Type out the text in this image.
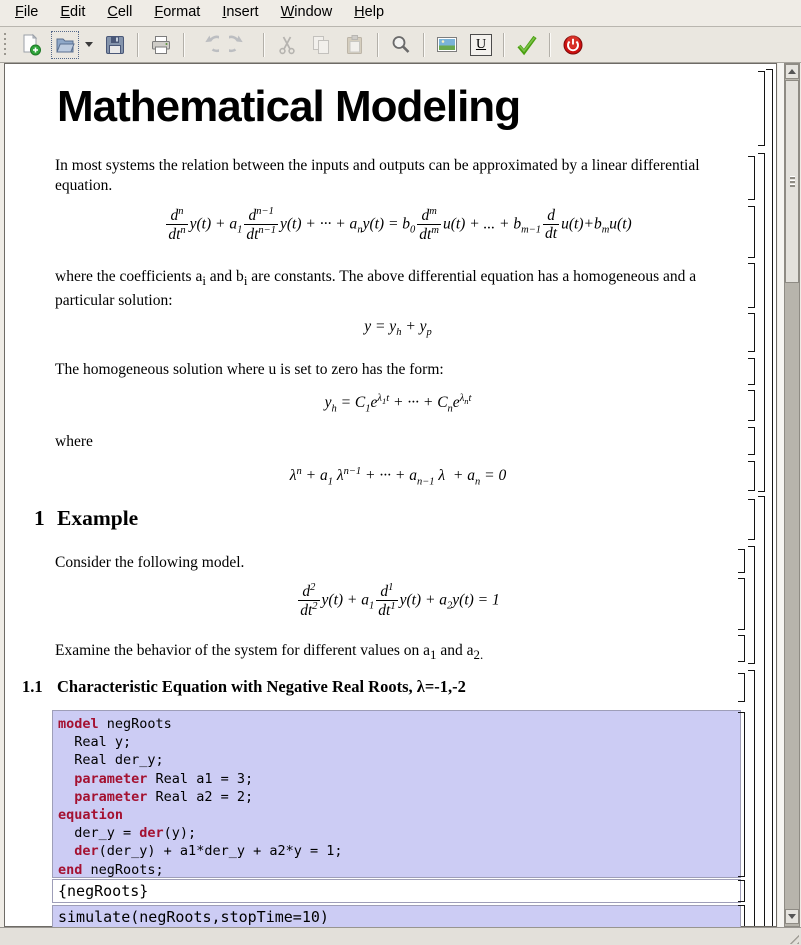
File	Edit	Cell	Format	Insert	Window	Help
U
Mathematical Modeling
In most systems the relation between the inputs and outputs can be approximated by a linear differential equation.
$d^n$
$dt^n$ $y(t) + a_1$
$d^{n-1}$
$dt^{n-1}$ y(t) + ··· + $a_ny(t) = b_0$
$d^m$
$dt^m$ u(t) + ... + $b_{m-1} \frac{d}{dt} u(t)+b_mu(t)$
where the coefficients $a_i$ and $b_i$ are constants. The above differential equation has a homogeneous and a particular solution:
$y = y_h + y_p$
The homogeneous solution where u is set to zero has the form:
$y_h = C_1e^{\lambda_1t}$ + ··· + $C_ne^{\lambda_nt}$
where
$\lambda^n + a_1$ $\lambda^{n-1}$ + ··· + $a_{n-1}$ $\lambda + a_n = 0$
1 Example
Consider the following model.
$\frac{d^2}{dt^2} y(t) + a_1 \frac{d^1}{dt^1} y(t) + a_2y(t) = 1$
Examine the behavior of the system for different values on $a_1$ and $a_{2.}$
1.1 Characteristic Equation with Negative Real Roots, λ=-1,-2
model negRoots
Real y;
Real der_y;
parameter Real a1 = 3;
parameter Real a2 = 2;
equation
der_y = der(y);
der(der_y) + a1*der_y + a2*y = 1;
end negRoots;
{negRoots}
simulate(negRoots,stopTime=10)
